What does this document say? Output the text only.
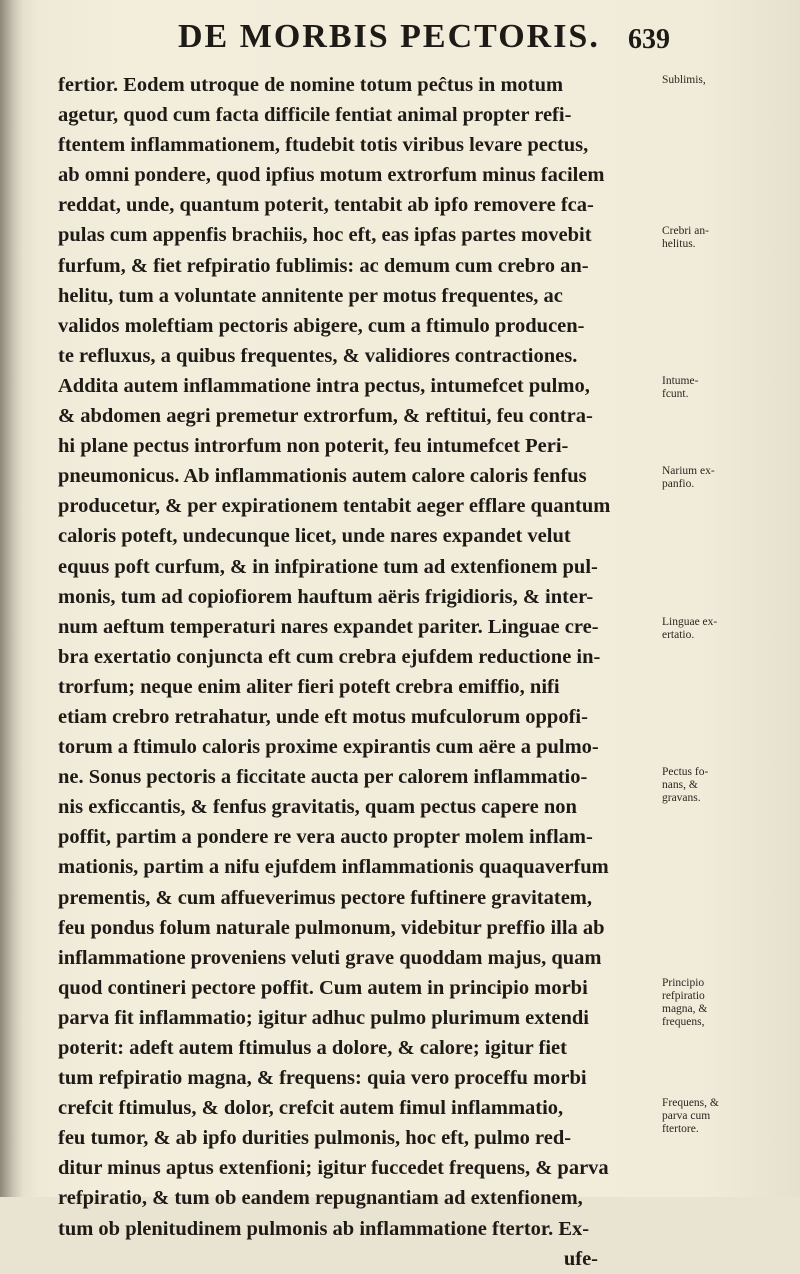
DE MORBIS PECTORIS. 639
fertior. Eodem utroque de nomine totum peĉtus in motum
agetur, quod cum facta difficile fentiat animal propter refi-
ftentem inflammationem, ftudebit totis viribus levare pectus,
ab omni pondere, quod ipfius motum extrorfum minus facilem
reddat, unde, quantum poterit, tentabit ab ipfo removere fca-
pulas cum appenfis brachiis, hoc eft, eas ipfas partes movebit
furfum, & fiet refpiratio fublimis: ac demum cum crebro an-
helitu, tum a voluntate annitente per motus frequentes, ac
validos moleftiam pectoris abigere, cum a ftimulo producen-
te refluxus, a quibus frequentes, & validiores contractiones.
Addita autem inflammatione intra pectus, intumefcet pulmo,
& abdomen aegri premetur extrorfum, & reftitui, feu contra-
hi plane pectus introrfum non poterit, feu intumefcet Peri-
pneumonicus. Ab inflammationis autem calore caloris fenfus
producetur, & per expirationem tentabit aeger efflare quantum
caloris poteft, undecunque licet, unde nares expandet velut
equus poft curfum, & in infpiratione tum ad extenfionem pul-
monis, tum ad copiofiorem hauftum aëris frigidioris, & inter-
num aeftum temperaturi nares expandet pariter. Linguae cre-
bra exertatio conjuncta eft cum crebra ejufdem reductione in-
trorfum; neque enim aliter fieri poteft crebra emiffio, nifi
etiam crebro retrahatur, unde eft motus mufculorum oppofi-
torum a ftimulo caloris proxime expirantis cum aëre a pulmo-
ne. Sonus pectoris a ficcitate aucta per calorem inflammatio-
nis exficcantis, & fenfus gravitatis, quam pectus capere non
poffit, partim a pondere re vera aucto propter molem inflam-
mationis, partim a nifu ejufdem inflammationis quaquaverfum
prementis, & cum affueverimus pectore fuftinere gravitatem,
feu pondus folum naturale pulmonum, videbitur preffio illa ab
inflammatione proveniens veluti grave quoddam majus, quam
quod contineri pectore poffit. Cum autem in principio morbi
parva fit inflammatio; igitur adhuc pulmo plurimum extendi
poterit: adeft autem ftimulus a dolore, & calore; igitur fiet
tum refpiratio magna, & frequens: quia vero proceffu morbi
crefcit ftimulus, & dolor, crefcit autem fimul inflammatio,
feu tumor, & ab ipfo durities pulmonis, hoc eft, pulmo red-
ditur minus aptus extenfioni; igitur fuccedet frequens, & parva
refpiratio, & tum ob eandem repugnantiam ad extenfionem,
tum ob plenitudinem pulmonis ab inflammatione ftertor. Ex-
ufe-
Sublimis,
Crebri an-
helitus.
Intume-
fcunt.
Narium ex-
panfio.
Linguae ex-
ertatio.
Pectus fo-
nans, &
gravans.
Principio
refpiratio
magna, &
frequens,
Frequens, &
parva cum
ftertore.
